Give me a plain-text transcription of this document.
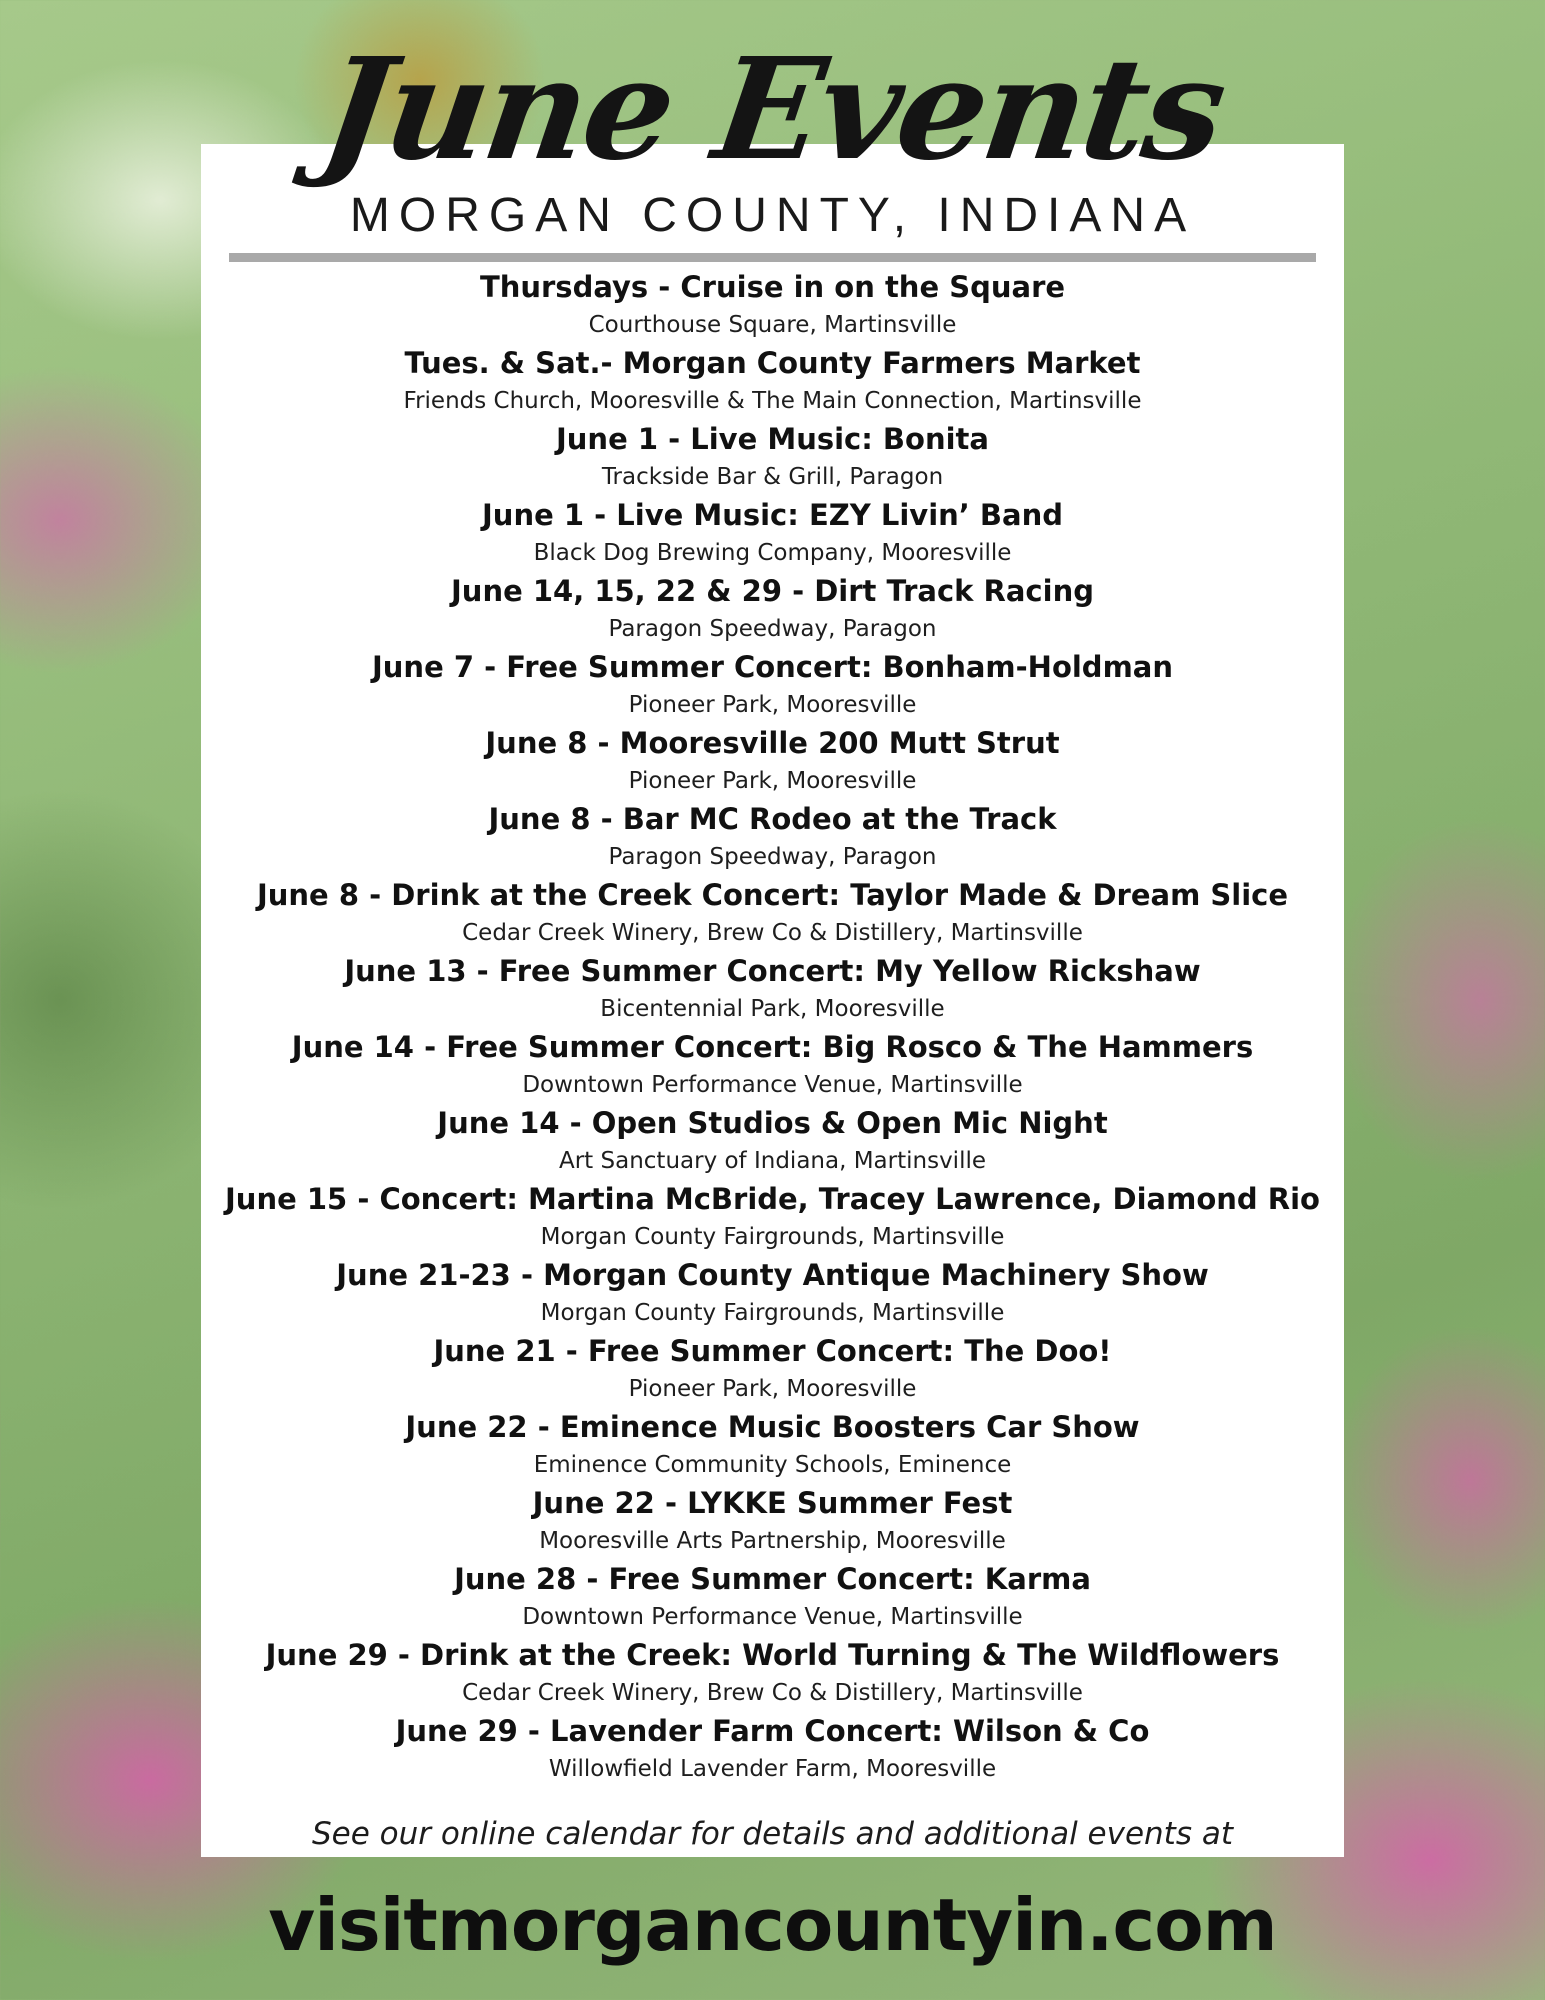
June Events
MORGAN COUNTY, INDIANA
Thursdays - Cruise in on the Square
Courthouse Square, Martinsville
Tues. & Sat.- Morgan County Farmers Market
Friends Church, Mooresville & The Main Connection, Martinsville
June 1 - Live Music: Bonita
Trackside Bar & Grill, Paragon
June 1 - Live Music: EZY Livin’ Band
Black Dog Brewing Company, Mooresville
June 14, 15, 22 & 29 - Dirt Track Racing
Paragon Speedway, Paragon
June 7 - Free Summer Concert: Bonham-Holdman
Pioneer Park, Mooresville
June 8 - Mooresville 200 Mutt Strut
Pioneer Park, Mooresville
June 8 - Bar MC Rodeo at the Track
Paragon Speedway, Paragon
June 8 - Drink at the Creek Concert: Taylor Made & Dream Slice
Cedar Creek Winery, Brew Co & Distillery, Martinsville
June 13 - Free Summer Concert: My Yellow Rickshaw
Bicentennial Park, Mooresville
June 14 - Free Summer Concert: Big Rosco & The Hammers
Downtown Performance Venue, Martinsville
June 14 - Open Studios & Open Mic Night
Art Sanctuary of Indiana, Martinsville
June 15 - Concert: Martina McBride, Tracey Lawrence, Diamond Rio
Morgan County Fairgrounds, Martinsville
June 21-23 - Morgan County Antique Machinery Show
Morgan County Fairgrounds, Martinsville
June 21 - Free Summer Concert: The Doo!
Pioneer Park, Mooresville
June 22 - Eminence Music Boosters Car Show
Eminence Community Schools, Eminence
June 22 - LYKKE Summer Fest
Mooresville Arts Partnership, Mooresville
June 28 - Free Summer Concert: Karma
Downtown Performance Venue, Martinsville
June 29 - Drink at the Creek: World Turning & The Wildflowers
Cedar Creek Winery, Brew Co & Distillery, Martinsville
June 29 - Lavender Farm Concert: Wilson & Co
Willowfield Lavender Farm, Mooresville
See our online calendar for details and additional events at
visitmorgancountyin.com
